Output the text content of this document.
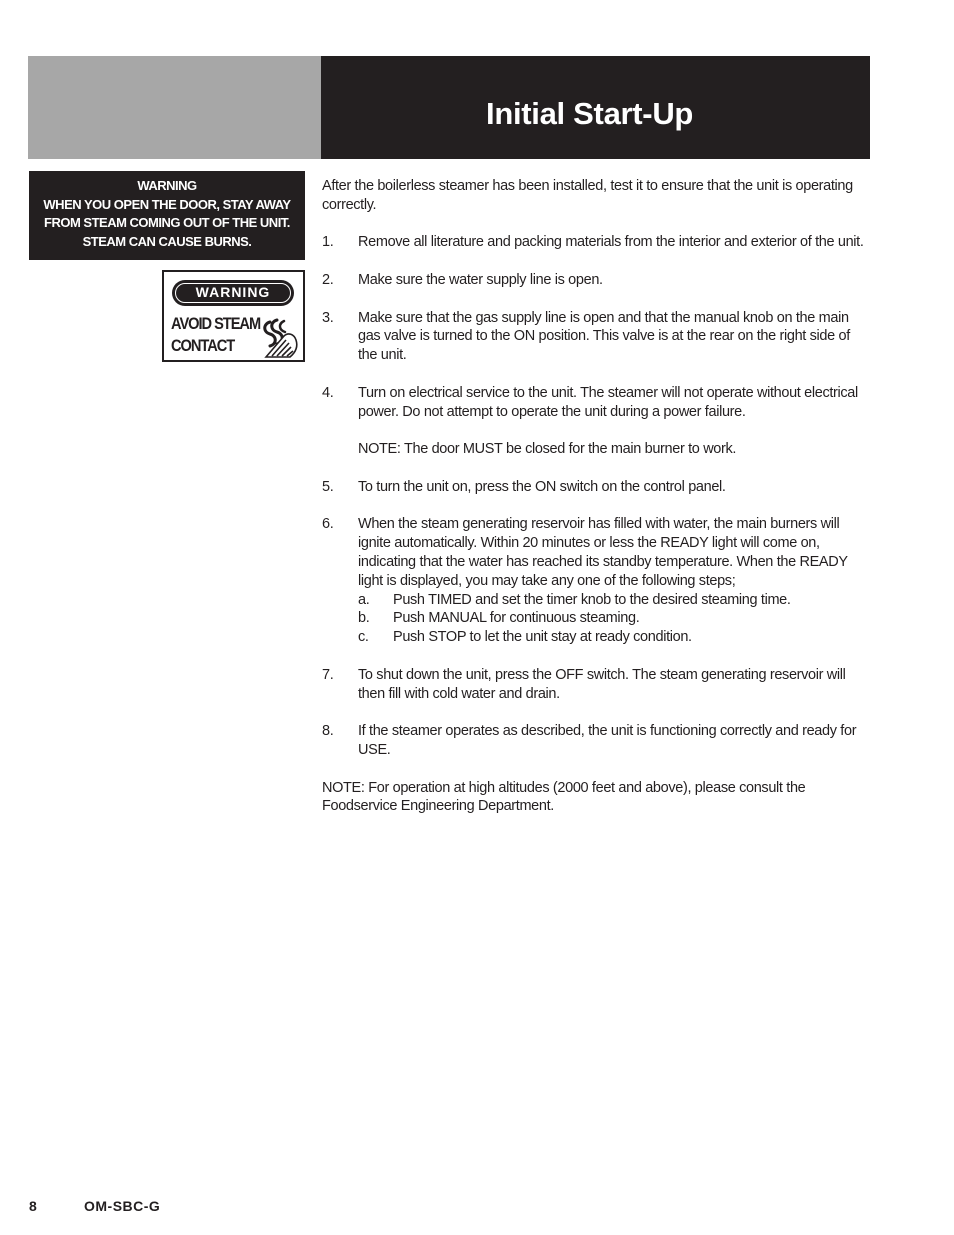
Initial Start-Up
WARNING
WHEN YOU OPEN THE DOOR, STAY AWAY
FROM STEAM COMING OUT OF THE UNIT.
STEAM CAN CAUSE BURNS.
WARNING
AVOID STEAM
CONTACT

After the boilerless steamer has been installed, test it to ensure that the unit is operating correctly.

1. Remove all literature and packing materials from the interior and exterior of the unit.

2. Make sure the water supply line is open.

3. Make sure that the gas supply line is open and that the manual knob on the main gas valve is turned to the ON position. This valve is at the rear on the right side of the unit.

4. Turn on electrical service to the unit. The steamer will not operate without electrical power. Do not attempt to operate the unit during a power failure.

NOTE: The door MUST be closed for the main burner to work.

5. To turn the unit on, press the ON switch on the control panel.

6. When the steam generating reservoir has filled with water, the main burners will ignite automatically. Within 20 minutes or less the READY light will come on, indicating that the water has reached its standby temperature. When the READY light is displayed, you may take any one of the following steps;

a. Push TIMED and set the timer knob to the desired steaming time.

b. Push MANUAL for continuous steaming.

c. Push STOP to let the unit stay at ready condition.

7. To shut down the unit, press the OFF switch. The steam generating reservoir will then fill with cold water and drain.

8. If the steamer operates as described, the unit is functioning correctly and ready for USE.

NOTE: For operation at high altitudes (2000 feet and above), please consult the Foodservice Engineering Department.

8	OM-SBC-G
